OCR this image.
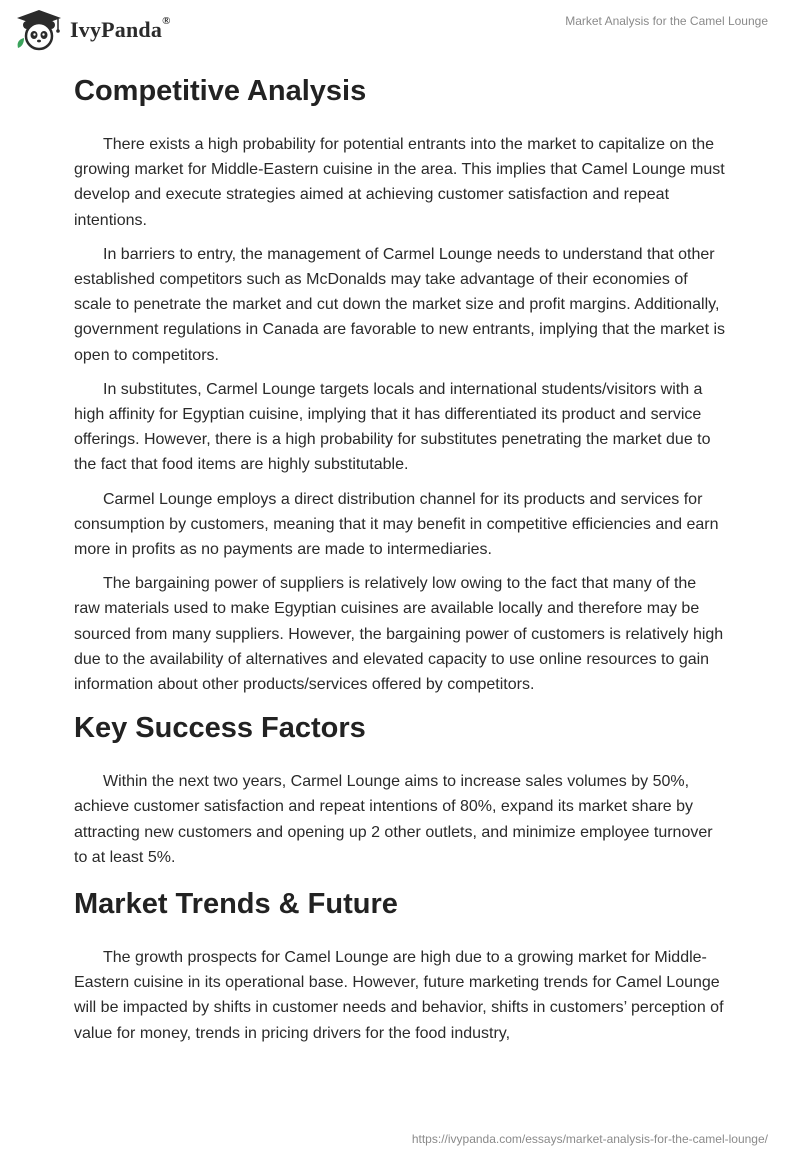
IvyPanda®	Market Analysis for the Camel Lounge
Competitive Analysis

There exists a high probability for potential entrants into the market to capitalize on the growing market for Middle-Eastern cuisine in the area. This implies that Camel Lounge must develop and execute strategies aimed at achieving customer satisfaction and repeat intentions.

In barriers to entry, the management of Carmel Lounge needs to understand that other established competitors such as McDonalds may take advantage of their economies of scale to penetrate the market and cut down the market size and profit margins. Additionally, government regulations in Canada are favorable to new entrants, implying that the market is open to competitors.

In substitutes, Carmel Lounge targets locals and international students/visitors with a high affinity for Egyptian cuisine, implying that it has differentiated its product and service offerings. However, there is a high probability for substitutes penetrating the market due to the fact that food items are highly substitutable.

Carmel Lounge employs a direct distribution channel for its products and services for consumption by customers, meaning that it may benefit in competitive efficiencies and earn more in profits as no payments are made to intermediaries.

The bargaining power of suppliers is relatively low owing to the fact that many of the raw materials used to make Egyptian cuisines are available locally and therefore may be sourced from many suppliers. However, the bargaining power of customers is relatively high due to the availability of alternatives and elevated capacity to use online resources to gain information about other products/services offered by competitors.

Key Success Factors

Within the next two years, Carmel Lounge aims to increase sales volumes by 50%, achieve customer satisfaction and repeat intentions of 80%, expand its market share by attracting new customers and opening up 2 other outlets, and minimize employee turnover to at least 5%.

Market Trends & Future

The growth prospects for Camel Lounge are high due to a growing market for Middle-Eastern cuisine in its operational base. However, future marketing trends for Camel Lounge will be impacted by shifts in customer needs and behavior, shifts in customers’ perception of value for money, trends in pricing drivers for the food industry,

https://ivypanda.com/essays/market-analysis-for-the-camel-lounge/
